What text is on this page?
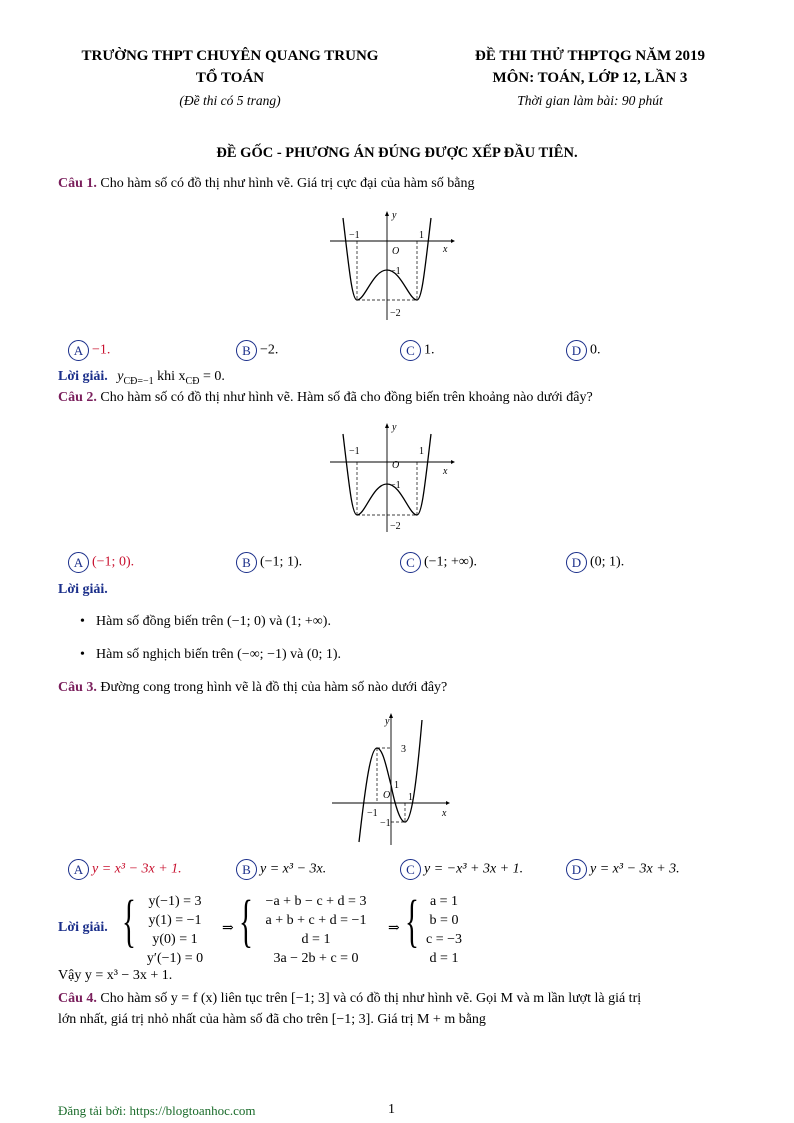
TRƯỜNG THPT CHUYÊN QUANG TRUNG
TỔ TOÁN
(Đề thi có 5 trang)
ĐỀ THI THỬ THPTQG NĂM 2019
MÔN: TOÁN, LỚP 12, LẦN 3
Thời gian làm bài: 90 phút
ĐỀ GỐC - PHƯƠNG ÁN ĐÚNG ĐƯỢC XẾP ĐẦU TIÊN.
Câu 1. Cho hàm số có đồ thị như hình vẽ. Giá trị cực đại của hàm số bằng
−1	1
x
y
O
−1
−2
A −1.	B −2.	C 1.	D 0.
Lời giải. $y_{CĐ=-1}$ khi $x_{CĐ} = 0$.
Câu 2. Cho hàm số có đồ thị như hình vẽ. Hàm số đã cho đồng biến trên khoảng nào dưới đây?
−1	1
x
y
O
−1
−2
A (−1; 0).	B (−1; 1).	C (−1; +∞).	D (0; 1).
Lời giải.
• Hàm số đồng biến trên (−1; 0) và (1; +∞).
• Hàm số nghịch biến trên (−∞; −1) và (0; 1).
Câu 3. Đường cong trong hình vẽ là đồ thị của hàm số nào dưới đây?
y
x
3
1
O 1
−1
−1
A y = x³ − 3x + 1.	B y = x³ − 3x.	C y = −x³ + 3x + 1.	D y = x³ − 3x + 3.
Lời giải. { y(−1) = 3
y(1) = −1
y(0) = 1
y′(−1) = 0
⇒ { −a + b − c + d = 3
a + b + c + d = −1
d = 1
3a − 2b + c = 0
⇒ { a = 1
b = 0
c = −3
d = 1
Vậy y = x³ − 3x + 1.
Câu 4. Cho hàm số y = f (x) liên tục trên [−1; 3] và có đồ thị như hình vẽ. Gọi M và m lần lượt là giá trị
lớn nhất, giá trị nhỏ nhất của hàm số đã cho trên [−1; 3]. Giá trị M + m bằng
Đăng tải bởi: https://blogtoanhoc.com	1
